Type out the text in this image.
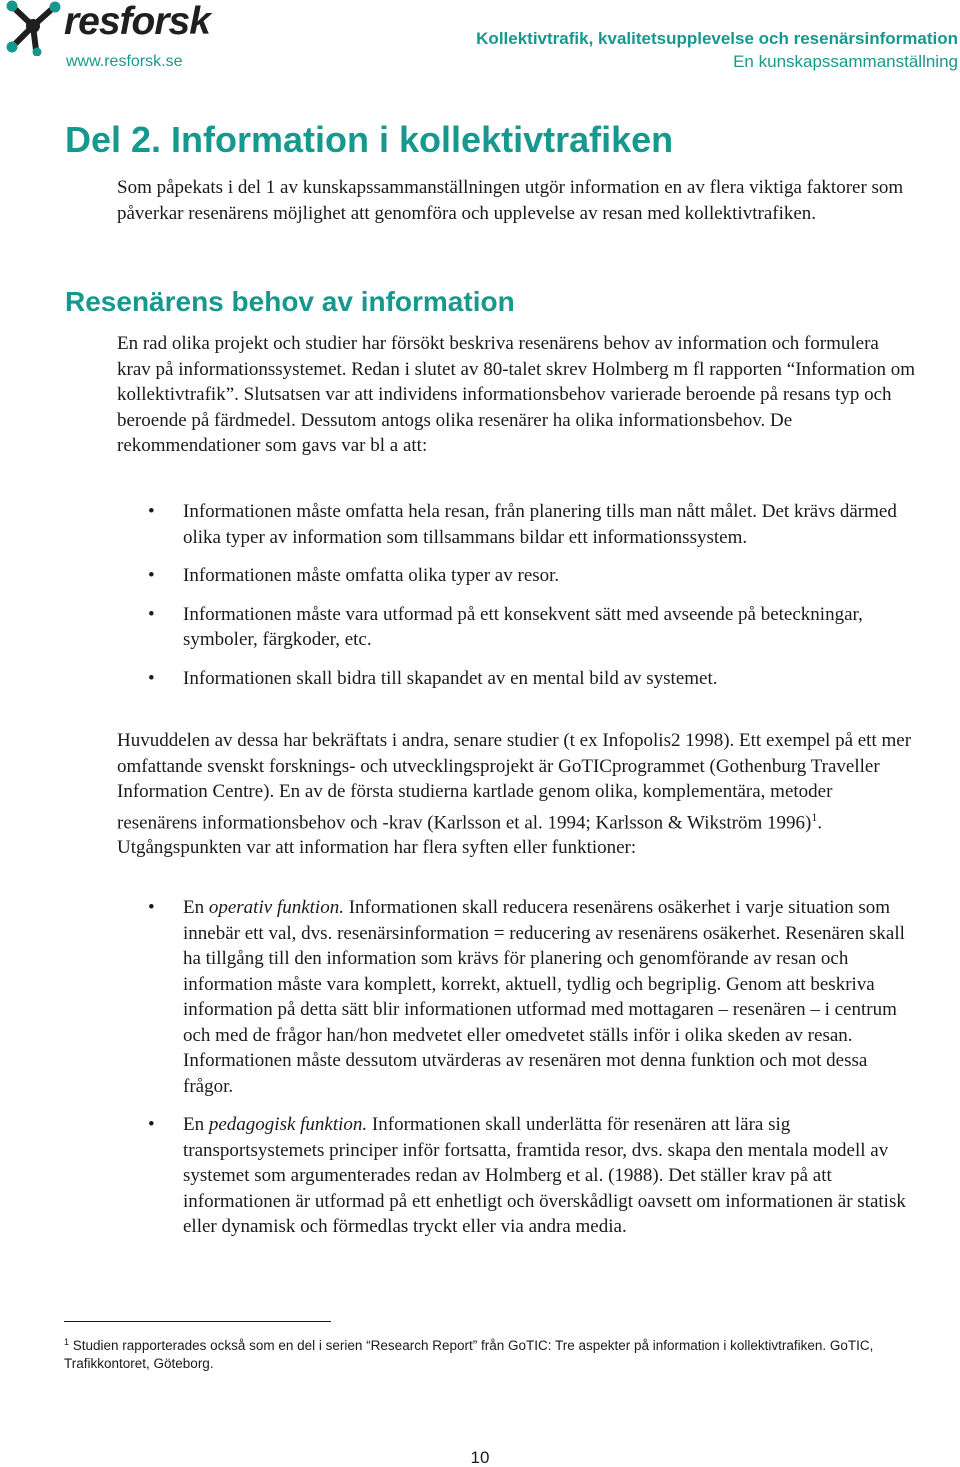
resforsk
www.resforsk.se
Kollektivtrafik, kvalitetsupplevelse och resenärsinformation
En kunskapssammanställning
Del 2. Information i kollektivtrafiken

Som påpekats i del 1 av kunskapssammanställningen utgör information en av flera viktiga faktorer som påverkar resenärens möjlighet att genomföra och upplevelse av resan med kollektivtrafiken.

Resenärens behov av information

En rad olika projekt och studier har försökt beskriva resenärens behov av information och formulera krav på informationssystemet. Redan i slutet av 80-talet skrev Holmberg m fl rapporten “Information om kollektivtrafik”. Slutsatsen var att individens informationsbehov varierade beroende på resans typ och beroende på färdmedel. Dessutom antogs olika resenärer ha olika informationsbehov. De rekommendationer som gavs var bl a att:

• Informationen måste omfatta hela resan, från planering tills man nått målet. Det krävs därmed olika typer av information som tillsammans bildar ett informationssystem.
• Informationen måste omfatta olika typer av resor.
• Informationen måste vara utformad på ett konsekvent sätt med avseende på beteckningar, symboler, färgkoder, etc.
• Informationen skall bidra till skapandet av en mental bild av systemet.

Huvuddelen av dessa har bekräftats i andra, senare studier (t ex Infopolis2 1998). Ett exempel på ett mer omfattande svenskt forsknings- och utvecklingsprojekt är GoTICprogrammet (Gothenburg Traveller Information Centre). En av de första studierna kartlade genom olika, komplementära, metoder resenärens informationsbehov och -krav (Karlsson et al. 1994; Karlsson & Wikström 1996)$^1$. Utgångspunkten var att information har flera syften eller funktioner:

• En operativ funktion. Informationen skall reducera resenärens osäkerhet i varje situation som innebär ett val, dvs. resenärsinformation = reducering av resenärens osäkerhet. Resenären skall ha tillgång till den information som krävs för planering och genomförande av resan och information måste vara komplett, korrekt, aktuell, tydlig och begriplig. Genom att beskriva information på detta sätt blir informationen utformad med mottagaren – resenären – i centrum och med de frågor han/hon medvetet eller omedvetet ställs inför i olika skeden av resan. Informationen måste dessutom utvärderas av resenären mot denna funktion och mot dessa frågor.
• En pedagogisk funktion. Informationen skall underlätta för resenären att lära sig transportsystemets principer inför fortsatta, framtida resor, dvs. skapa den mentala modell av systemet som argumenterades redan av Holmberg et al. (1988). Det ställer krav på att informationen är utformad på ett enhetligt och överskådligt oavsett om informationen är statisk eller dynamisk och förmedlas tryckt eller via andra media.
$^1$ Studien rapporterades också som en del i serien “Research Report” från GoTIC: Tre aspekter på information i kollektivtrafiken. GoTIC, Trafikkontoret, Göteborg.
10
